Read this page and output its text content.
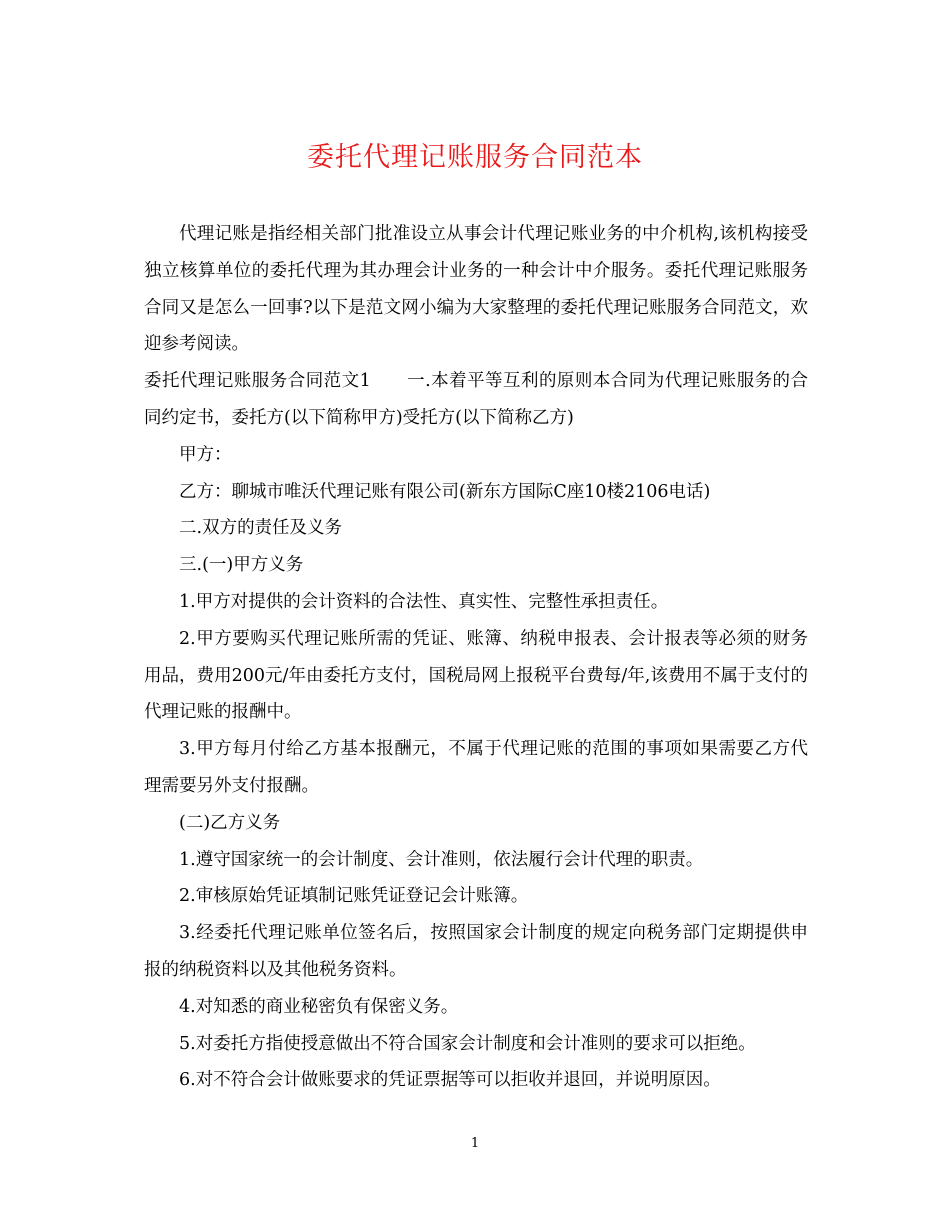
委托代理记账服务合同范本

代理记账是指经相关部门批准设立从事会计代理记账业务的中介机构,该机构接受独立核算单位的委托代理为其办理会计业务的一种会计中介服务。委托代理记账服务合同又是怎么一回事?以下是范文网小编为大家整理的委托代理记账服务合同范文，欢迎参考阅读。

委托代理记账服务合同范文1　　一.本着平等互利的原则本合同为代理记账服务的合同约定书，委托方(以下简称甲方)受托方(以下简称乙方)

甲方：

乙方：聊城市唯沃代理记账有限公司(新东方国际C座10楼2106电话)

二.双方的责任及义务

三.(一)甲方义务

1.甲方对提供的会计资料的合法性、真实性、完整性承担责任。

2.甲方要购买代理记账所需的凭证、账簿、纳税申报表、会计报表等必须的财务用品，费用200元/年由委托方支付，国税局网上报税平台费每/年,该费用不属于支付的代理记账的报酬中。

3.甲方每月付给乙方基本报酬元，不属于代理记账的范围的事项如果需要乙方代理需要另外支付报酬。

(二)乙方义务

1.遵守国家统一的会计制度、会计准则，依法履行会计代理的职责。

2.审核原始凭证填制记账凭证登记会计账簿。

3.经委托代理记账单位签名后，按照国家会计制度的规定向税务部门定期提供申报的纳税资料以及其他税务资料。

4.对知悉的商业秘密负有保密义务。

5.对委托方指使授意做出不符合国家会计制度和会计准则的要求可以拒绝。

6.对不符合会计做账要求的凭证票据等可以拒收并退回，并说明原因。

1
